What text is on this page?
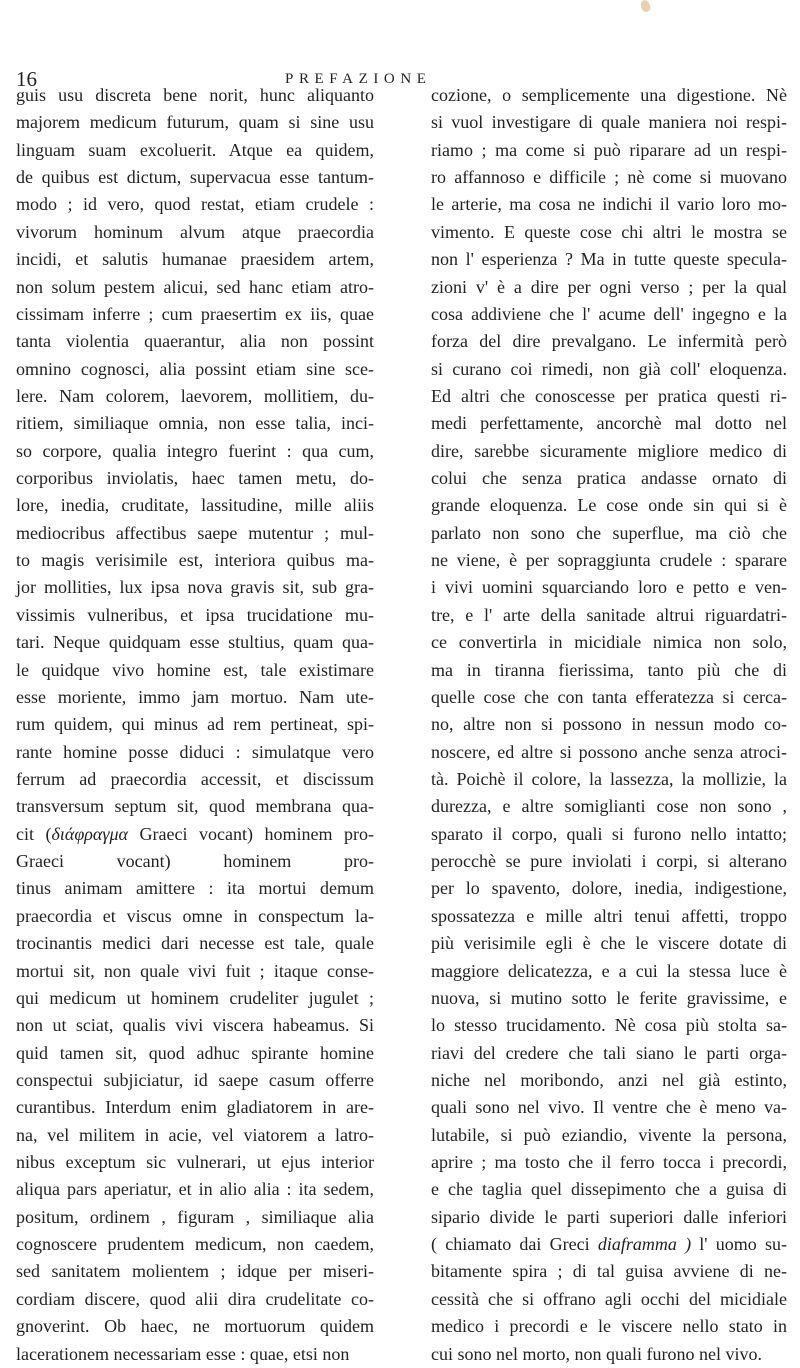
16	PREFAZIONE
guis usu discreta bene norit, hunc aliquanto
majorem medicum futurum, quam si sine usu
linguam suam excoluerit. Atque ea quidem,
de quibus est dictum, supervacua esse tantum-
modo ; id vero, quod restat, etiam crudele :
vivorum hominum alvum atque praecordia
incidi, et salutis humanae praesidem artem,
non solum pestem alicui, sed hanc etiam atro-
cissimam inferre ; cum praesertim ex iis, quae
tanta violentia quaerantur, alia non possint
omnino cognosci, alia possint etiam sine sce-
lere. Nam colorem, laevorem, mollitiem, du-
ritiem, similiaque omnia, non esse talia, inci-
so corpore, qualia integro fuerint : qua cum,
corporibus inviolatis, haec tamen metu, do-
lore, inedia, cruditate, lassitudine, mille aliis
mediocribus affectibus saepe mutentur ; mul-
to magis verisimile est, interiora quibus ma-
jor mollities, lux ipsa nova gravis sit, sub gra-
vissimis vulneribus, et ipsa trucidatione mu-
tari. Neque quidquam esse stultius, quam qua-
le quidque vivo homine est, tale existimare
esse moriente, immo jam mortuo. Nam ute-
rum quidem, qui minus ad rem pertineat, spi-
rante homine posse diduci : simulatque vero
ferrum ad praecordia accessit, et discissum
transversum septum sit, quod membrana qua-
cit (διάφραγμα Graeci vocant) hominem pro-
Graeci vocant) hominem pro-
tinus animam amittere : ita mortui demum
praecordia et viscus omne in conspectum la-
trocinantis medici dari necesse est tale, quale
mortui sit, non quale vivi fuit ; itaque conse-
qui medicum ut hominem crudeliter jugulet ;
non ut sciat, qualis vivi viscera habeamus. Si
quid tamen sit, quod adhuc spirante homine
conspectui subjiciatur, id saepe casum offerre
curantibus. Interdum enim gladiatorem in are-
na, vel militem in acie, vel viatorem a latro-
nibus exceptum sic vulnerari, ut ejus interior
aliqua pars aperiatur, et in alio alia : ita sedem,
positum, ordinem , figuram , similiaque alia
cognoscere prudentem medicum, non caedem,
sed sanitatem molientem ; idque per miseri-
cordiam discere, quod alii dira crudelitate co-
gnoverint. Ob haec, ne mortuorum quidem
lacerationem necessariam esse : quae, etsi non
cozione, o semplicemente una digestione. Nè
si vuol investigare di quale maniera noi respi-
riamo ; ma come si può riparare ad un respi-
ro affannoso e difficile ; nè come si muovano
le arterie, ma cosa ne indichi il vario loro mo-
vimento. E queste cose chi altri le mostra se
non l' esperienza ? Ma in tutte queste specula-
zioni v' è a dire per ogni verso ; per la qual
cosa addiviene che l' acume dell' ingegno e la
forza del dire prevalgano. Le infermità però
si curano coi rimedi, non già coll' eloquenza.
Ed altri che conoscesse per pratica questi ri-
medi perfettamente, ancorchè mal dotto nel
dire, sarebbe sicuramente migliore medico di
colui che senza pratica andasse ornato di
grande eloquenza. Le cose onde sin qui si è
parlato non sono che superflue, ma ciò che
ne viene, è per sopraggiunta crudele : sparare
i vivi uomini squarciando loro e petto e ven-
tre, e l' arte della sanitade altrui riguardatri-
ce convertirla in micidiale nimica non solo,
ma in tiranna fierissima, tanto più che di
quelle cose che con tanta efferatezza si cerca-
no, altre non si possono in nessun modo co-
noscere, ed altre si possono anche senza atroci-
tà. Poichè il colore, la lassezza, la mollizie, la
durezza, e altre somiglianti cose non sono ,
sparato il corpo, quali si furono nello intatto;
perocchè se pure inviolati i corpi, si alterano
per lo spavento, dolore, inedia, indigestione,
spossatezza e mille altri tenui affetti, troppo
più verisimile egli è che le viscere dotate di
maggiore delicatezza, e a cui la stessa luce è
nuova, si mutino sotto le ferite gravissime, e
lo stesso trucidamento. Nè cosa più stolta sa-
riavi del credere che tali siano le parti orga-
niche nel moribondo, anzi nel già estinto,
quali sono nel vivo. Il ventre che è meno va-
lutabile, si può eziandio, vivente la persona,
aprire ; ma tosto che il ferro tocca i precordi,
e che taglia quel dissepimento che a guisa di
sipario divide le parti superiori dalle inferiori
( chiamato dai Greci diaframma ) l' uomo su-
bitamente spira ; di tal guisa avviene di ne-
cessità che si offrano agli occhi del micidiale
medico i precordi e le viscere nello stato in
cui sono nel morto, non quali furono nel vivo.
